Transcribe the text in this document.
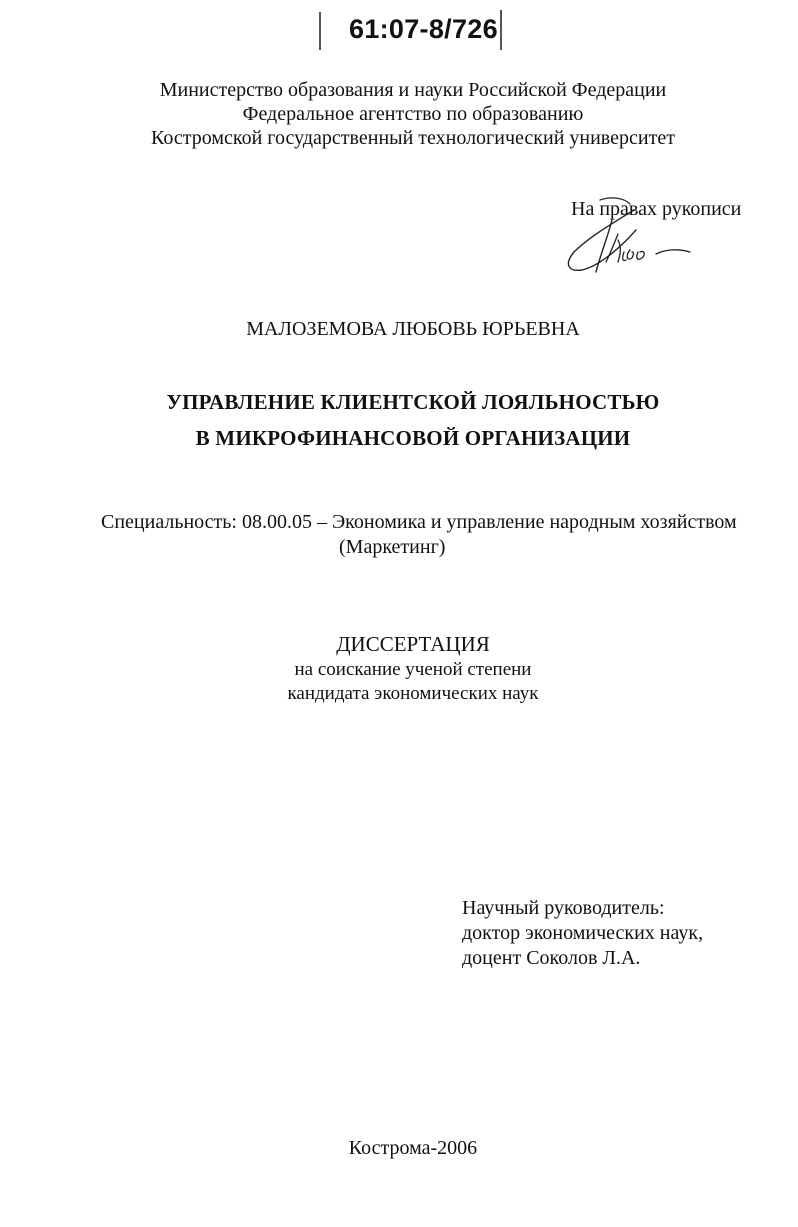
61:07-8/726
Министерство образования и науки Российской Федерации
Федеральное агентство по образованию
Костромской государственный технологический университет
На правах рукописи
МАЛОЗЕМОВА ЛЮБОВЬ ЮРЬЕВНА
УПРАВЛЕНИЕ КЛИЕНТСКОЙ ЛОЯЛЬНОСТЬЮ
В МИКРОФИНАНСОВОЙ ОРГАНИЗАЦИИ
Специальность: 08.00.05 – Экономика и управление народным хозяйством
(Маркетинг)
ДИССЕРТАЦИЯ
на соискание ученой степени
кандидата экономических наук
Научный руководитель:
доктор экономических наук,
доцент Соколов Л.А.
Кострома-2006
